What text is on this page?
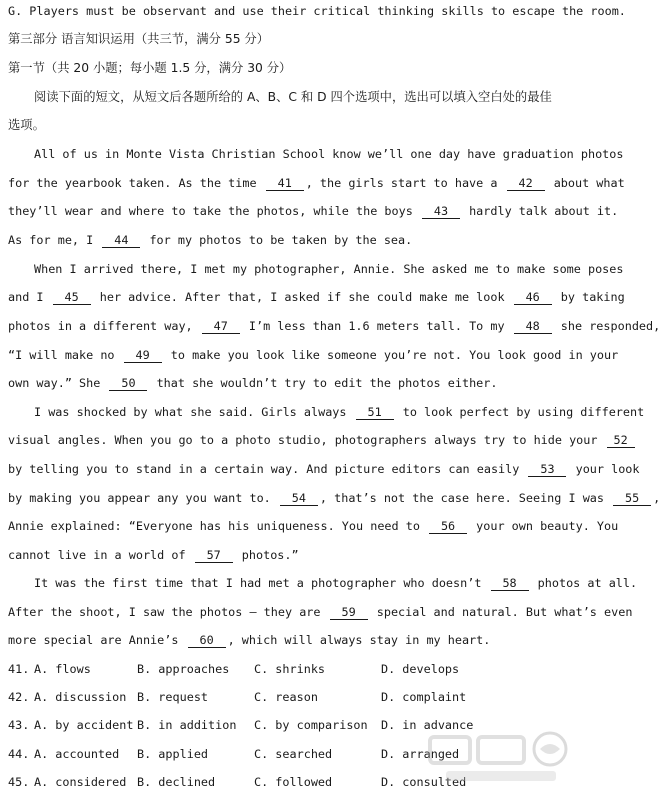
G. Players must be observant and use their critical thinking skills to escape the room.
第三部分 语言知识运用（共三节，满分 55 分）
第一节（共 20 小题；每小题 1.5 分，满分 30 分）
阅读下面的短文，从短文后各题所给的 A、B、C 和 D 四个选项中，选出可以填入空白处的最佳
选项。
All of us in Monte Vista Christian School know we’ll one day have graduation photos
for the yearbook taken. As the time 41 , the girls start to have a 42 about what
they’ll wear and where to take the photos, while the boys 43 hardly talk about it.
As for me, I 44 for my photos to be taken by the sea.
When I arrived there, I met my photographer, Annie. She asked me to make some poses
and I 45 her advice. After that, I asked if she could make me look 46 by taking
photos in a different way, 47 I’m less than 1.6 meters tall. To my 48 she responded,
“I will make no 49 to make you look like someone you’re not. You look good in your
own way.” She 50 that she wouldn’t try to edit the photos either.
I was shocked by what she said. Girls always 51 to look perfect by using different
visual angles. When you go to a photo studio, photographers always try to hide your 52
by telling you to stand in a certain way. And picture editors can easily 53 your look
by making you appear any you want to. 54 , that’s not the case here. Seeing I was 55 ,
Annie explained: “Everyone has his uniqueness. You need to 56 your own beauty. You
cannot live in a world of 57 photos.”
It was the first time that I had met a photographer who doesn’t 58 photos at all.
After the shoot, I saw the photos — they are 59 special and natural. But what’s even
more special are Annie’s 60 , which will always stay in my heart.
41. A. flows	B. approaches C. shrinks	D. develops
42. A. discussion B. request	C. reason	D. complaint
43. A. by accident B. in addition C. by comparison D. in advance
44. A. accounted B. applied	C. searched	D. arranged
45. A. considered B. declined	C. followed	D. consulted
